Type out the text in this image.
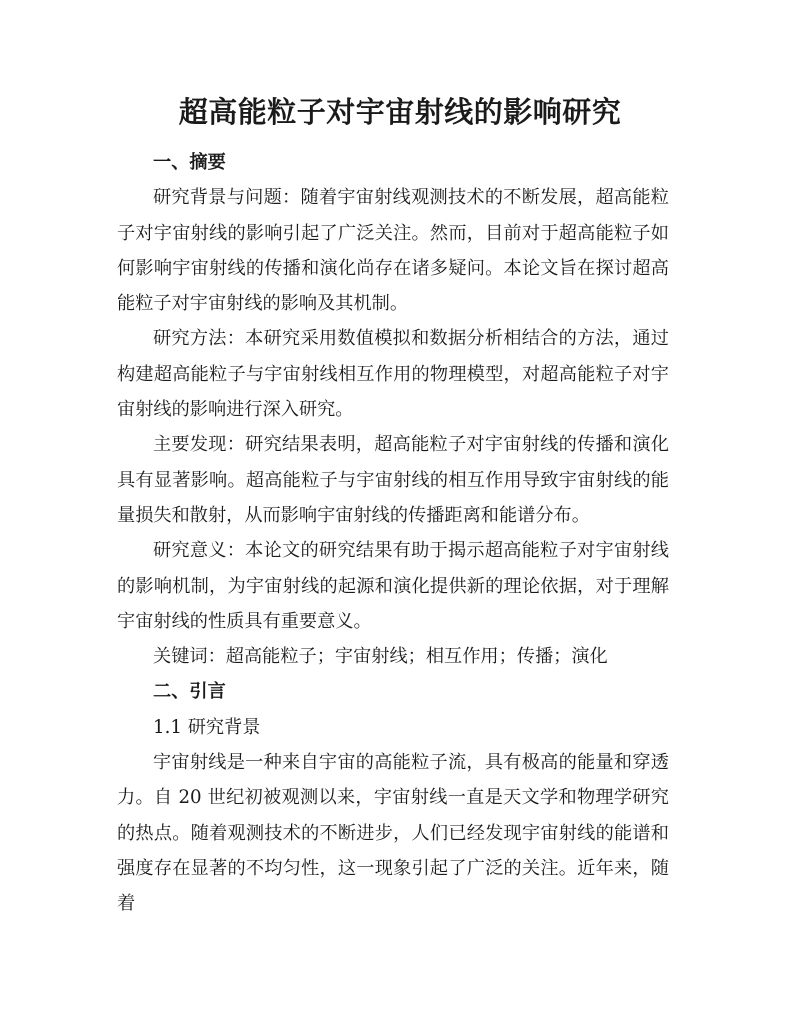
超高能粒子对宇宙射线的影响研究

一、摘要

研究背景与问题：随着宇宙射线观测技术的不断发展，超高能粒子对宇宙射线的影响引起了广泛关注。然而，目前对于超高能粒子如何影响宇宙射线的传播和演化尚存在诸多疑问。本论文旨在探讨超高能粒子对宇宙射线的影响及其机制。

研究方法：本研究采用数值模拟和数据分析相结合的方法，通过构建超高能粒子与宇宙射线相互作用的物理模型，对超高能粒子对宇宙射线的影响进行深入研究。

主要发现：研究结果表明，超高能粒子对宇宙射线的传播和演化具有显著影响。超高能粒子与宇宙射线的相互作用导致宇宙射线的能量损失和散射，从而影响宇宙射线的传播距离和能谱分布。

研究意义：本论文的研究结果有助于揭示超高能粒子对宇宙射线的影响机制，为宇宙射线的起源和演化提供新的理论依据，对于理解宇宙射线的性质具有重要意义。

关键词：超高能粒子；宇宙射线；相互作用；传播；演化

二、引言

1.1 研究背景

宇宙射线是一种来自宇宙的高能粒子流，具有极高的能量和穿透力。自 20 世纪初被观测以来，宇宙射线一直是天文学和物理学研究的热点。随着观测技术的不断进步，人们已经发现宇宙射线的能谱和强度存在显著的不均匀性，这一现象引起了广泛的关注。近年来，随着
